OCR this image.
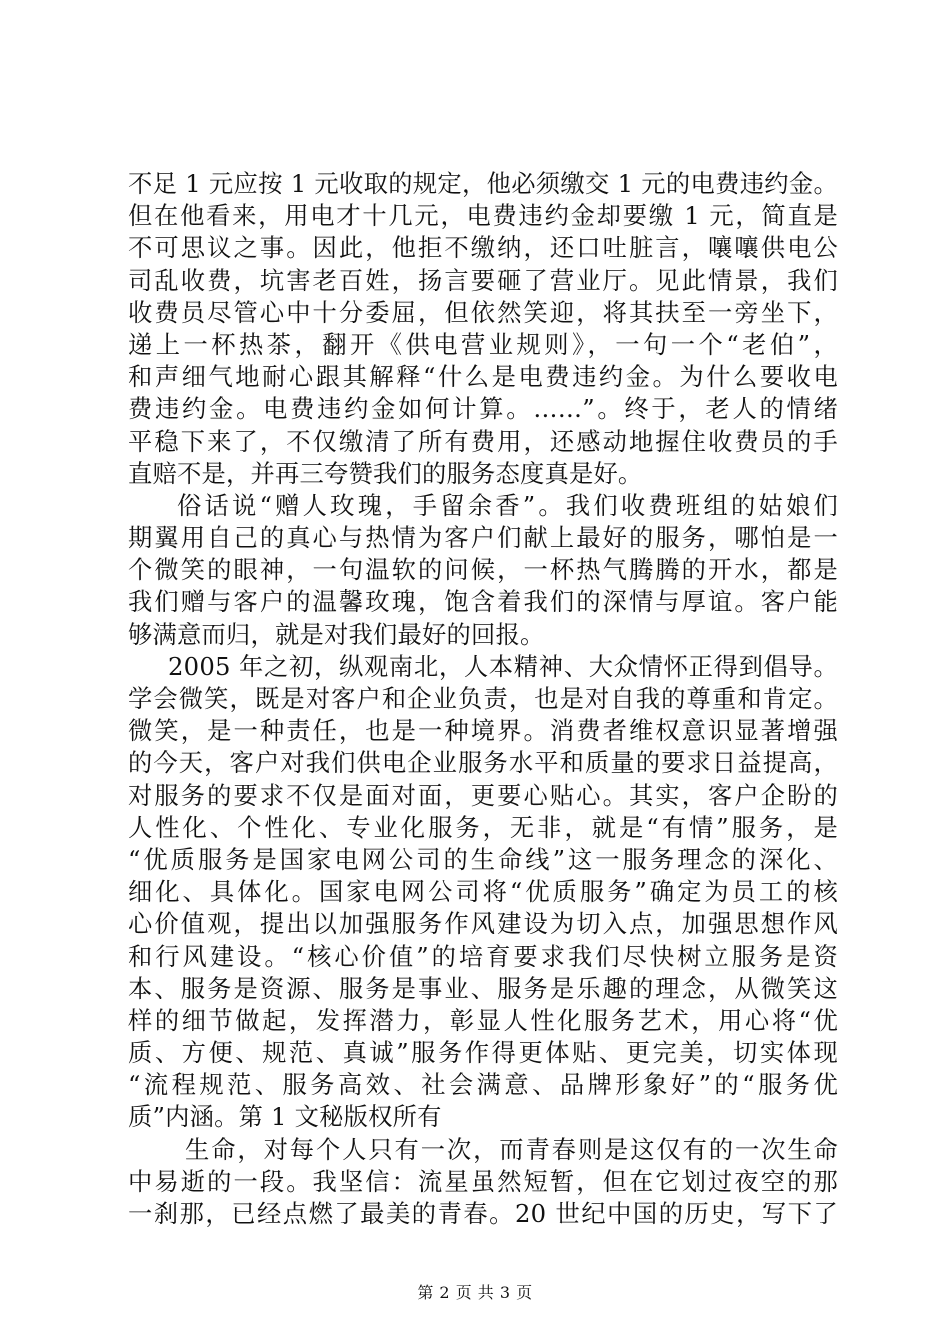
不足 1 元应按 1 元收取的规定，他必须缴交 1 元的电费违约金。
但在他看来，用电才十几元，电费违约金却要缴 1 元，简直是
不可思议之事。因此，他拒不缴纳，还口吐脏言，嚷嚷供电公
司乱收费，坑害老百姓，扬言要砸了营业厅。见此情景，我们
收费员尽管心中十分委屈，但依然笑迎，将其扶至一旁坐下，
递上一杯热茶，翻开《供电营业规则》，一句一个“老伯”，
和声细气地耐心跟其解释“什么是电费违约金。为什么要收电
费违约金。电费违约金如何计算。……”。终于，老人的情绪
平稳下来了，不仅缴清了所有费用，还感动地握住收费员的手
直赔不是，并再三夸赞我们的服务态度真是好。
俗话说“赠人玫瑰，手留余香”。我们收费班组的姑娘们
期翼用自己的真心与热情为客户们献上最好的服务，哪怕是一
个微笑的眼神，一句温软的问候，一杯热气腾腾的开水，都是
我们赠与客户的温馨玫瑰，饱含着我们的深情与厚谊。客户能
够满意而归，就是对我们最好的回报。
2005 年之初，纵观南北，人本精神、大众情怀正得到倡导。
学会微笑，既是对客户和企业负责，也是对自我的尊重和肯定。
微笑，是一种责任，也是一种境界。消费者维权意识显著增强
的今天，客户对我们供电企业服务水平和质量的要求日益提高，
对服务的要求不仅是面对面，更要心贴心。其实，客户企盼的
人性化、个性化、专业化服务，无非，就是“有情”服务，是
“优质服务是国家电网公司的生命线”这一服务理念的深化、
细化、具体化。国家电网公司将“优质服务”确定为员工的核
心价值观，提出以加强服务作风建设为切入点，加强思想作风
和行风建设。“核心价值”的培育要求我们尽快树立服务是资
本、服务是资源、服务是事业、服务是乐趣的理念，从微笑这
样的细节做起，发挥潜力，彰显人性化服务艺术，用心将“优
质、方便、规范、真诚”服务作得更体贴、更完美，切实体现
“流程规范、服务高效、社会满意、品牌形象好”的“服务优
质”内涵。第 1 文秘版权所有
生命，对每个人只有一次，而青春则是这仅有的一次生命
中易逝的一段。我坚信：流星虽然短暂，但在它划过夜空的那
一刹那，已经点燃了最美的青春。20 世纪中国的历史，写下了
第 2 页 共 3 页
